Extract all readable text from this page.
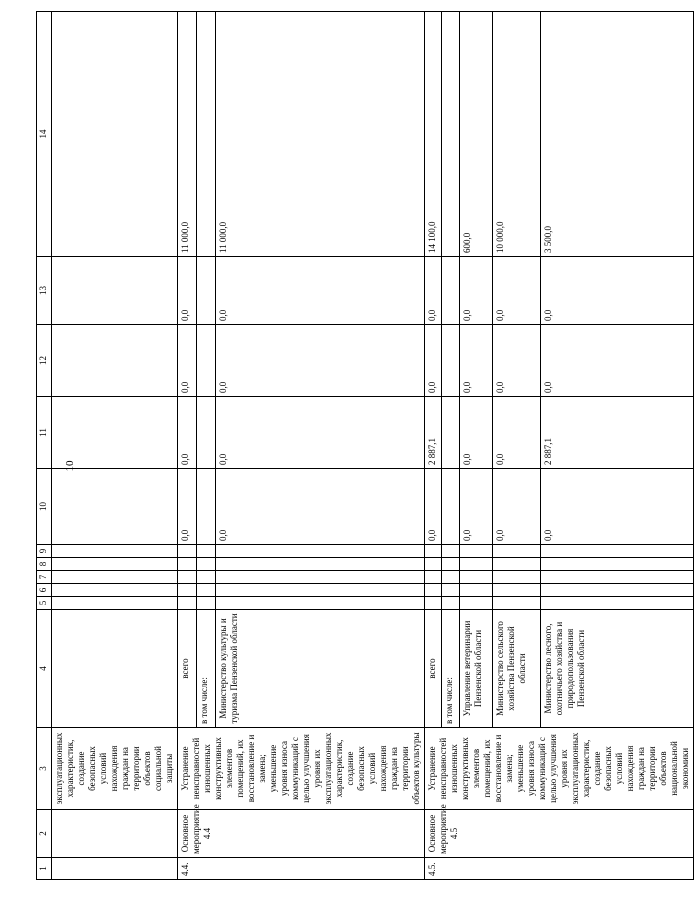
10
1	2	3	4	5	6	7	8	9	10	11	12	13	14
		эксплуатационных характеристик, создание безопасных условий нахождения граждан на территории объектов социальной защиты											
4.4.	Основное мероприятие 4.4	Устранение неисправностей изношенных конструктивных элементов помещений, их восстановление и замена; уменьшение уровня износа коммуникаций с целью улучшения уровня их эксплуатационных характеристик, создание безопасных условий нахождения граждан на территории объектов культуры	всего						0,0	0,0	0,0	0,0	11 000,0
			в том числе:										
			Министерство культуры и туризма Пензенской области						0,0	0,0	0,0	0,0	11 000,0
4.5.	Основное мероприятие 4.5	Устранение неисправностей изношенных конструктивных элементов помещений, их восстановление и замена; уменьшение уровня износа коммуникаций с целью улучшения уровня их эксплуатационных характеристик, создание безопасных условий нахождения граждан на территории объектов национальной экономики	всего						0,0	2 887,1	0,0	0,0	14 100,0
			в том числе:										
			Управление ветеринарии Пензенской области						0,0	0,0	0,0	0,0	600,0
			Министерство сельского хозяйства Пензенской области						0,0	0,0	0,0	0,0	10 000,0
			Министерство лесного, охотничьего хозяйства и природопользования Пензенской области						0,0	2 887,1	0,0	0,0	3 500,0
